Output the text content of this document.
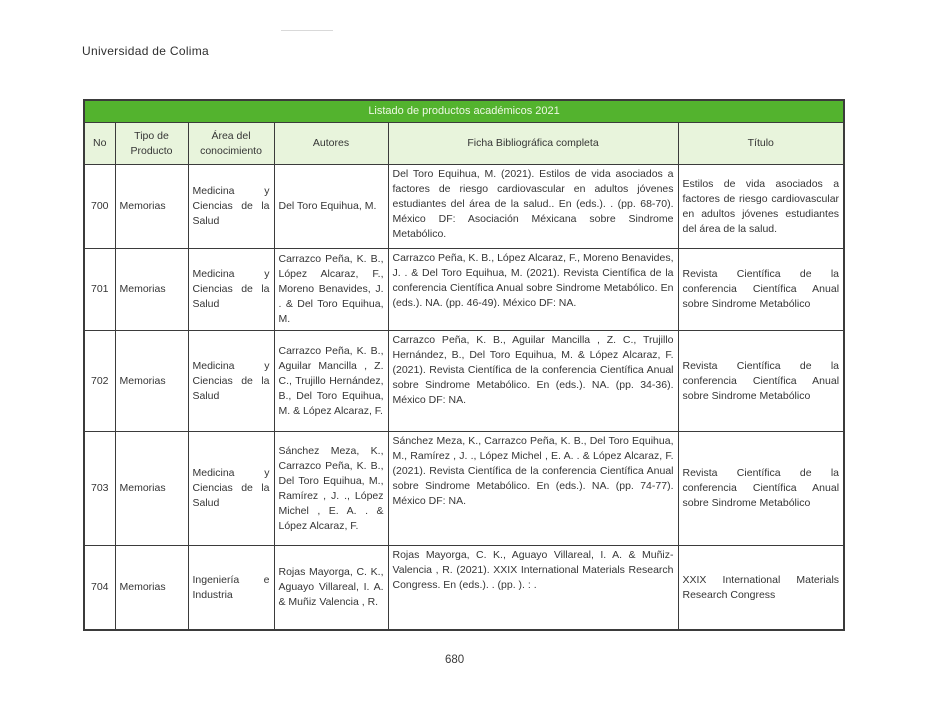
Universidad de Colima
Listado de productos académicos 2021					
No	Tipo de Producto	Área del conocimiento	Autores	Ficha Bibliográfica completa	Título
700	Memorias	Medicina y Ciencias de la Salud	Del Toro Equihua, M.	Del Toro Equihua, M. (2021). Estilos de vida asociados a factores de riesgo cardiovascular en adultos jóvenes estudiantes del área de la salud.. En (eds.). . (pp. 68-70). México DF: Asociación Méxicana sobre Sindrome Metabólico.	Estilos de vida asociados a factores de riesgo cardiovascular en adultos jóvenes estudiantes del área de la salud.
701	Memorias	Medicina y Ciencias de la Salud	Carrazco Peña, K. B., López Alcaraz, F., Moreno Benavides, J. . & Del Toro Equihua, M.	Carrazco Peña, K. B., López Alcaraz, F., Moreno Benavides, J. . & Del Toro Equihua, M. (2021). Revista Científica de la conferencia Científica Anual sobre Sindrome Metabólico. En (eds.). NA. (pp. 46-49). México DF: NA.	Revista Científica de la conferencia Científica Anual sobre Sindrome Metabólico
702	Memorias	Medicina y Ciencias de la Salud	Carrazco Peña, K. B., Aguilar Mancilla , Z. C., Trujillo Hernández, B., Del Toro Equihua, M. & López Alcaraz, F.	Carrazco Peña, K. B., Aguilar Mancilla , Z. C., Trujillo Hernández, B., Del Toro Equihua, M. & López Alcaraz, F. (2021). Revista Científica de la conferencia Científica Anual sobre Sindrome Metabólico. En (eds.). NA. (pp. 34-36). México DF: NA.	Revista Científica de la conferencia Científica Anual sobre Sindrome Metabólico
703	Memorias	Medicina y Ciencias de la Salud	Sánchez Meza, K., Carrazco Peña, K. B., Del Toro Equihua, M., Ramírez , J. ., López Michel , E. A. . & López Alcaraz, F.	Sánchez Meza, K., Carrazco Peña, K. B., Del Toro Equihua, M., Ramírez , J. ., López Michel , E. A. . & López Alcaraz, F. (2021). Revista Científica de la conferencia Científica Anual sobre Sindrome Metabólico. En (eds.). NA. (pp. 74-77). México DF: NA.	Revista Científica de la conferencia Científica Anual sobre Sindrome Metabólico
704	Memorias	Ingeniería e Industria	Rojas Mayorga, C. K., Aguayo Villareal, I. A. & Muñiz Valencia , R.	Rojas Mayorga, C. K., Aguayo Villareal, I. A. & Muñiz-Valencia , R. (2021). XXIX International Materials Research Congress. En (eds.). . (pp. ). : .	XXIX International Materials Research Congress
680
